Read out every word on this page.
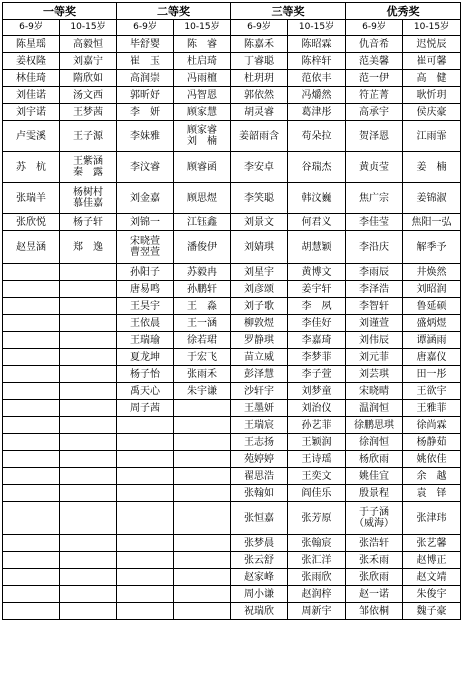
一等奖		二等奖		三等奖		优秀奖	
6-9岁	10-15岁	6-9岁	10-15岁	6-9岁	10-15岁	6-9岁	10-15岁

陈星瑶	高毅恒	毕舒婴	陈　睿	陈嘉禾	陈昭霖	仇音希	迟悦辰

姜权隆	刘嘉宁	崔　玉	杜启琦	丁睿聪	陈梓轩	范美馨	崔可馨

林佳琦	隋欣如	高润崇	冯雨檀	杜玥玥	范依丰	范一伊	高　健

刘佳诺	汤文西	郭昕妤	冯智恩	郭依然	冯爝然	符芷菁	耿忻玥

刘宇诺	王梦茜	李　妍	顾家慧	胡灵睿	葛津彤	高承宇	侯庆豪

卢雯溪	王子源	李妹雅	顾家睿
刘　楠	姜韶雨含	苟朵拉	贺泽恩	江雨霏

苏　杭	王紫涵
秦　露	李汶睿	顾睿函	李安卓	谷瑞杰	黄贞莹	姜　楠

张瑞羊	杨树村
慕佳嘉	刘金嘉	顾思煜	李笑聪	韩汶巍	焦广宗	姜锦淑

张欣悦	杨子轩	刘锦一	江钰鑫	刘景文	何君义	李佳莹	焦阳一弘

赵昱涵	郑　逸	宋晓萱
曹翌萱	潘俊伊	刘婧琪	胡慧颖	李沿庆	解季予

		孙阳子	苏毅冉	刘星宇	黄博文	李雨辰	井焕然

		唐易鸣	孙鹏轩	刘彦颂	姜宇轩	李泽浩	刘昭润

		王昊宇	王　淼	刘子歌	李　夙	李智轩	鲁延硕

		王依晨	王一涵	柳敦煜	李佳好	刘谨萱	盛炳煜

		王瑞瑜	徐若珺	罗静琪	李嘉琦	刘伟辰	谭涵雨

		夏龙坤	于宏飞	苗立威	李梦菲	刘元菲	唐嘉仪

		杨子怡	张雨禾	彭泽慧	李子萱	刘芸琪	田一彤

		禹天心	朱宇谦	沙轩宇	刘梦童	宋晓晴	王欲宇

		周子茜		王墨妍	刘治仪	温润恒	王雅菲

				王瑞宸	孙艺菲	徐鹏思琪	徐尚霖

				王志扬	王颖润	徐润恒	杨静茹

				苑婷婷	王诗瑶	杨欣雨	姚依佳

				翟思浩	王奕文	姚佳宜	余　越

				张翰如	阎佳乐	殷景程	袁　铎

				张恒嘉	张芳原	于子涵
（威海）	张津玮

				张梦晨	张翰宸	张浩轩	张艺馨

				张云舒	张汇洋	张禾雨	赵博正

				赵家峰	张雨欣	张欣雨	赵文靖

				周小谦	赵润梓	赵一诺	朱俊宇

				祝瑞欣	周新宇	邹依桐	魏子豪
